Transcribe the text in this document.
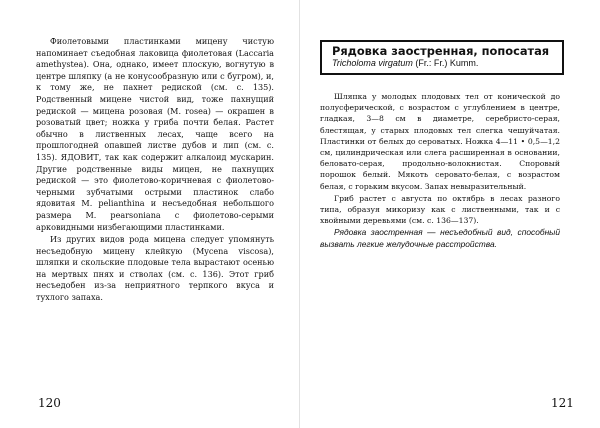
Фиолетовыми пластинками мицену чистую напоминает съедобная лаковица фиолетовая (Laccaria amethystea). Она, однако, имеет плоскую, вогнутую в центре шляпку (а не конусообразную или с бугром), и, к тому же, не пахнет редиской (см. с. 135). Родственный мицене чистой вид, тоже пахнущий редиской — мицена розовая (M. rosea) — окрашен в розоватый цвет; ножка у гриба почти белая. Растет обычно в лиственных лесах, чаще всего на прошлогодней опавшей листве дубов и лип (см. с. 135). ЯДОВИТ, так как содержит алкалоид мускарин. Другие родственные виды мицен, не пахнущих редиской — это фиолетово-коричневая с фиолетово-черными зубчатыми острыми пластинок слабо ядовитая M. pelianthina и несъедобная небольшого размера M. pearsoniana с фиолетово-серыми арковидными низбегающими пластинками.

Из других видов рода мицена следует упомянуть несъедобную мицену клейкую (Mycena viscosa), шляпки и скольские плодовые тела вырастают осенью на мертвых пнях и стволах (см. с. 136). Этот гриб несъедобен из-за неприятного терпкого вкуса и тухлого запаха.

120
Рядовка заостренная, попосатая
Tricholoma virgatum (Fr.: Fr.) Kumm.

Шляпка у молодых плодовых тел от конической до полусферической, с возрастом с углублением в центре, гладкая, 3—8 см в диаметре, серебристо-серая, блестящая, у старых плодовых тел слегка чешуйчатая. Пластинки от белых до сероватых. Ножка 4—11 • 0,5—1,2 см, цилиндрическая или слега расширенная в основании, беловато-серая, продольно-волокнистая. Споровый порошок белый. Мякоть серовато-белая, с возрастом белая, с горьким вкусом. Запах невыразительный.

Гриб растет с августа по октябрь в лесах разного типа, образуя микоризу как с лиственными, так и с хвойными деревьями (см. с. 136—137).

Рядовка заостренная — несъедобный вид, способный вызвать легкие желудочные расстройства.

121
